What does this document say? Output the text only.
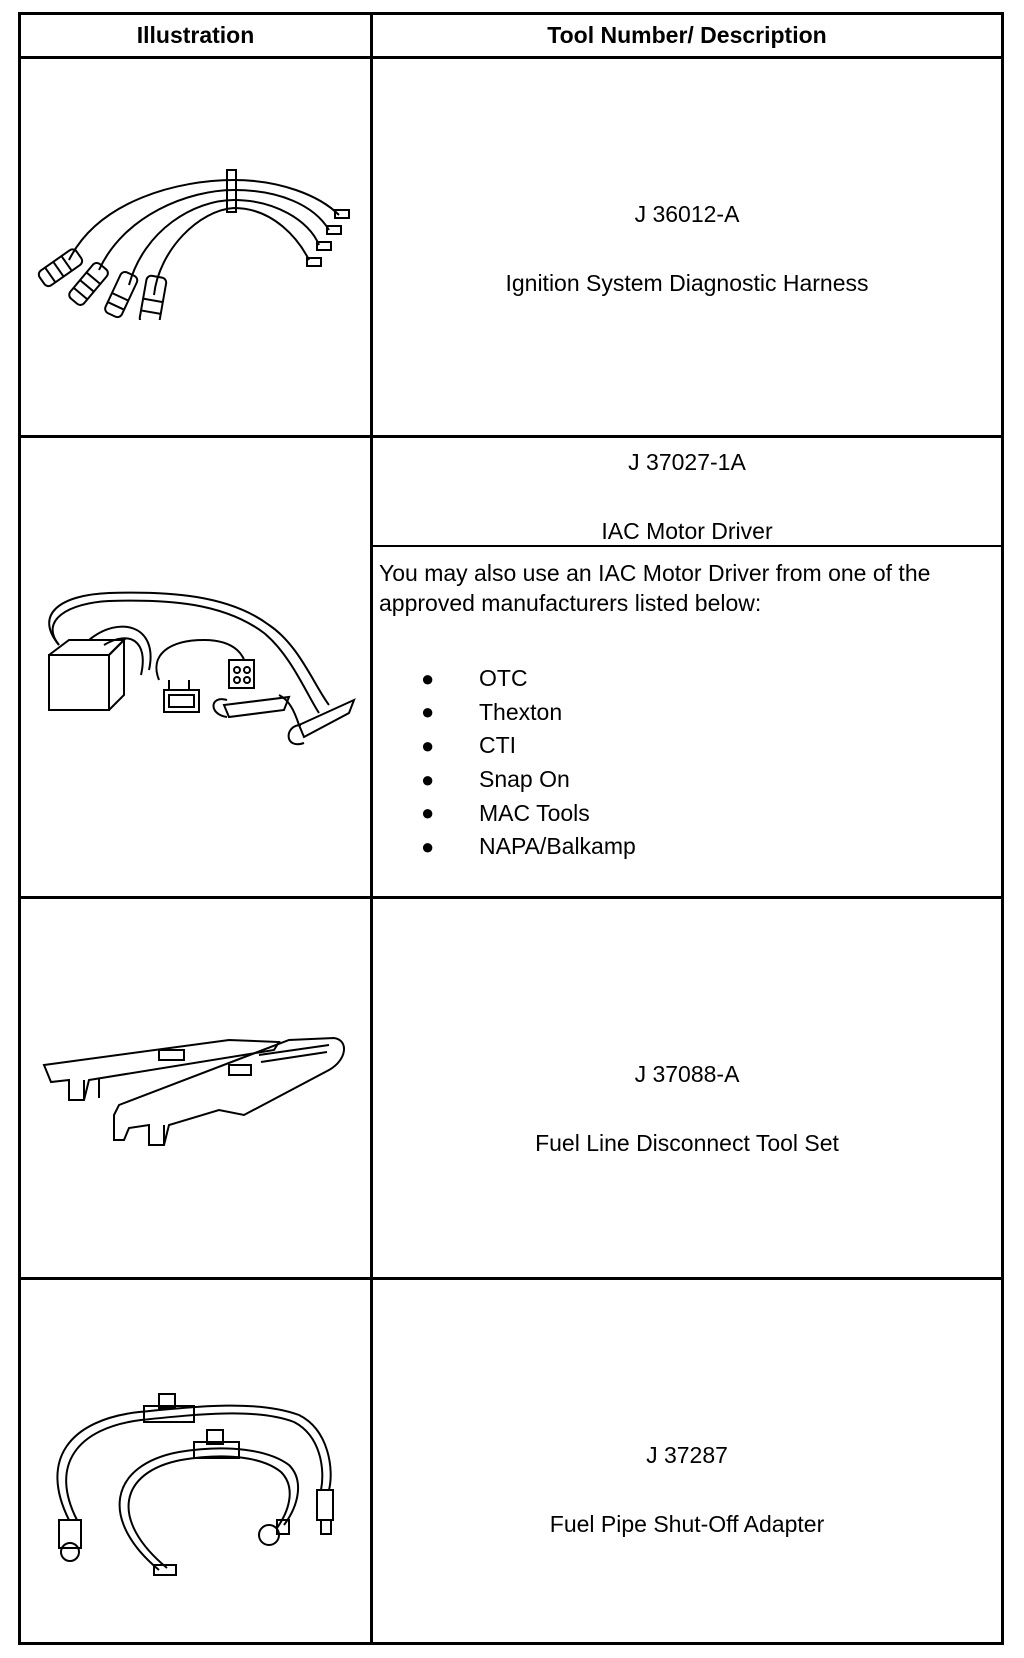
Illustration	Tool Number/ Description
J 36012-A
Ignition System Diagnostic Harness
J 37027-1A
IAC Motor Driver
You may also use an IAC Motor Driver from one of the approved manufacturers listed below:
●	OTC
●	Thexton
●	CTI
●	Snap On
●	MAC Tools
●	NAPA/Balkamp
J 37088-A
Fuel Line Disconnect Tool Set
J 37287
Fuel Pipe Shut-Off Adapter
